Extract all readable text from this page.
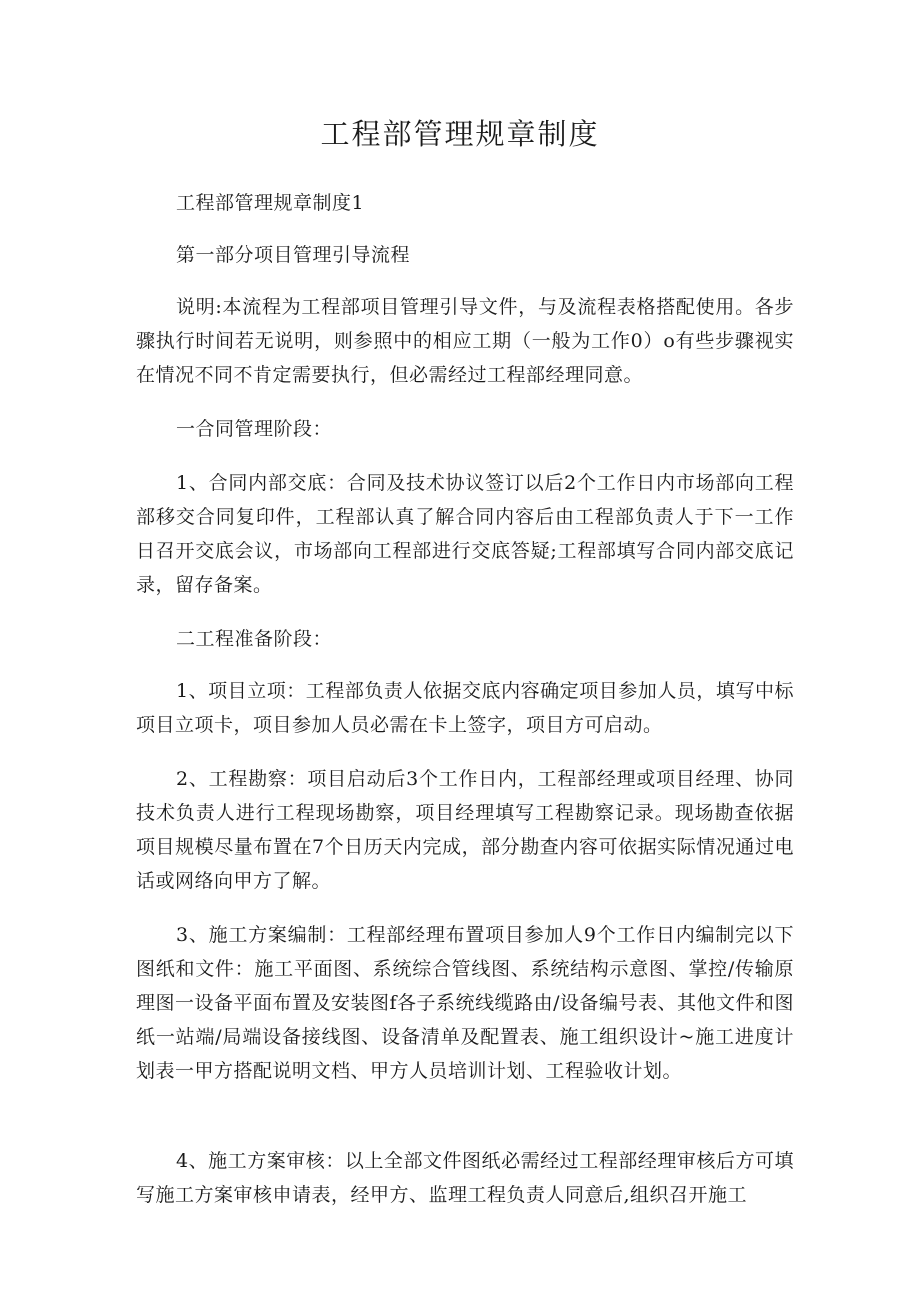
工程部管理规章制度

工程部管理规章制度1

第一部分项目管理引导流程

说明:本流程为工程部项目管理引导文件，与及流程表格搭配使用。各步骤执行时间若无说明，则参照中的相应工期（一般为工作0）o有些步骤视实在情况不同不肯定需要执行，但必需经过工程部经理同意。

一合同管理阶段：

1、合同内部交底：合同及技术协议签订以后2个工作日内市场部向工程部移交合同复印件，工程部认真了解合同内容后由工程部负责人于下一工作日召开交底会议，市场部向工程部进行交底答疑;工程部填写合同内部交底记录，留存备案。

二工程准备阶段：

1、项目立项：工程部负责人依据交底内容确定项目参加人员，填写中标项目立项卡，项目参加人员必需在卡上签字，项目方可启动。

2、工程勘察：项目启动后3个工作日内，工程部经理或项目经理、协同技术负责人进行工程现场勘察，项目经理填写工程勘察记录。现场勘查依据项目规模尽量布置在7个日历天内完成，部分勘查内容可依据实际情况通过电话或网络向甲方了解。

3、施工方案编制：工程部经理布置项目参加人9个工作日内编制完以下图纸和文件：施工平面图、系统综合管线图、系统结构示意图、掌控/传输原理图一设备平面布置及安装图f各子系统线缆路由/设备编号表、其他文件和图纸一站端/局端设备接线图、设备清单及配置表、施工组织设计~施工进度计划表一甲方搭配说明文档、甲方人员培训计划、工程验收计划。

4、施工方案审核：以上全部文件图纸必需经过工程部经理审核后方可填写施工方案审核申请表，经甲方、监理工程负责人同意后,组织召开施工
